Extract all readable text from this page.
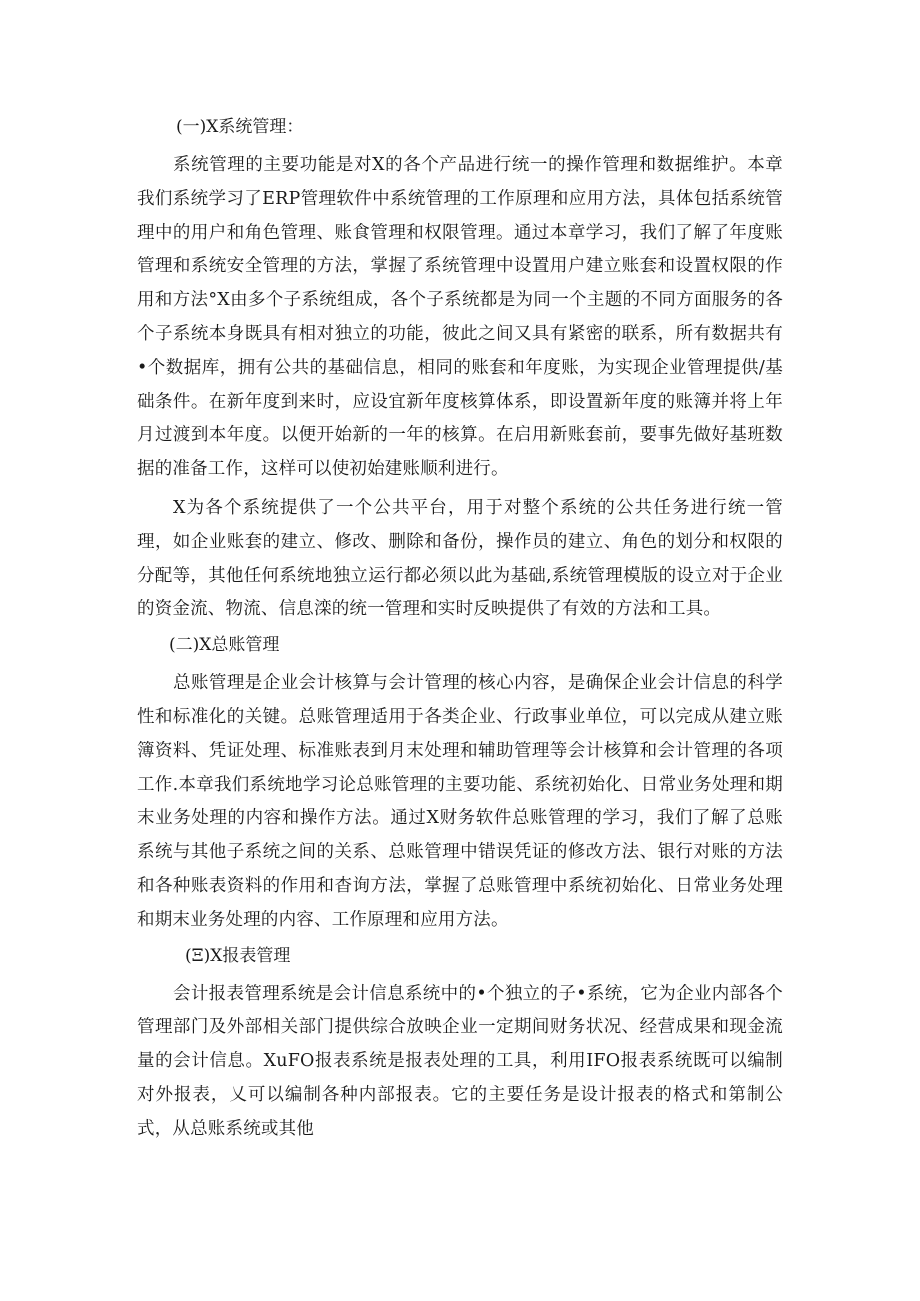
(一)X系统管理：

系统管理的主要功能是对X的各个产品进行统一的操作管理和数据维护。本章我们系统学习了ERP管理软件中系统管理的工作原理和应用方法，具体包括系统管理中的用户和角色管理、账食管理和权限管理。通过本章学习，我们了解了年度账管理和系统安全管理的方法，掌握了系统管理中设置用户建立账套和设置权限的作用和方法°X由多个子系统组成，各个子系统都是为同一个主题的不同方面服务的各个子系统本身既具有相对独立的功能，彼此之间又具有紧密的联系，所有数据共有•个数据库，拥有公共的基础信息，相同的账套和年度账，为实现企业管理提供/基础条件。在新年度到来时，应设宜新年度核算体系，即设置新年度的账簿并将上年月过渡到本年度。以便开始新的一年的核算。在启用新账套前，要事先做好基班数据的准备工作，这样可以使初始建账顺利进行。

X为各个系统提供了一个公共平台，用于对整个系统的公共任务进行统一管理，如企业账套的建立、修改、删除和备份，操作员的建立、角色的划分和权限的分配等，其他任何系统地独立运行都必须以此为基础,系统管理模版的设立对于企业的资金流、物流、信息滦的统一管理和实时反映提供了有效的方法和工具。

(二)X总账管理

总账管理是企业会计核算与会计管理的核心内容，是确保企业会计信息的科学性和标准化的关键。总账管理适用于各类企业、行政事业单位，可以完成从建立账簿资料、凭证处理、标准账表到月末处理和辅助管理等会计核算和会计管理的各项工作.本章我们系统地学习论总账管理的主要功能、系统初始化、日常业务处理和期末业务处理的内容和操作方法。通过X财务软件总账管理的学习，我们了解了总账系统与其他子系统之间的关系、总账管理中错误凭证的修改方法、银行对账的方法和各种账表资料的作用和杳询方法，掌握了总账管理中系统初始化、日常业务处理和期末业务处理的内容、工作原理和应用方法。

(Ξ)X报表管理

会计报表管理系统是会计信息系统中的•个独立的子•系统，它为企业内部各个管理部门及外部相关部门提供综合放映企业一定期间财务状况、经营成果和现金流量的会计信息。XuFO报表系统是报表处理的工具，利用IFO报表系统既可以编制对外报表，乂可以编制各种内部报表。它的主要任务是设计报表的格式和第制公式，从总账系统或其他
